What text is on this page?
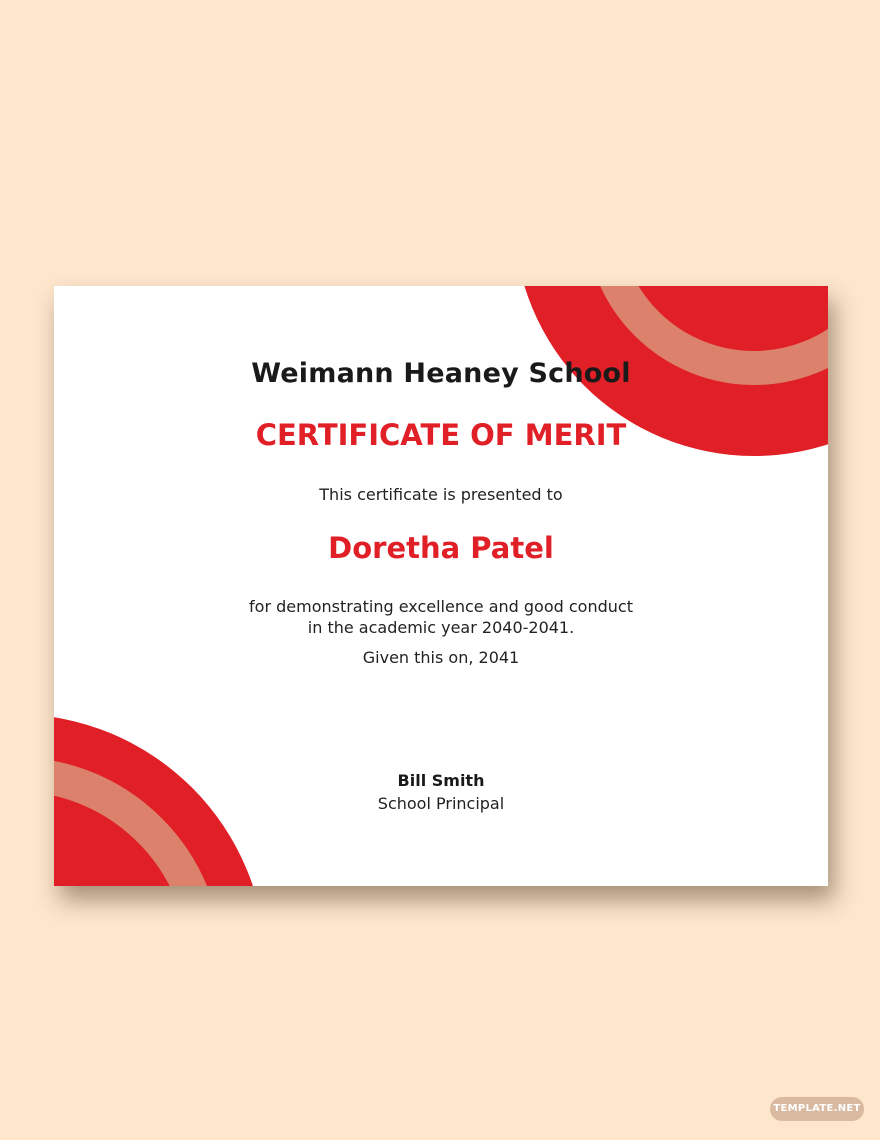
Weimann Heaney School
CERTIFICATE OF MERIT
This certificate is presented to
Doretha Patel
for demonstrating excellence and good conduct
in the academic year 2040-2041.
Given this on, 2041
Bill Smith
School Principal
TEMPLATE.NET
